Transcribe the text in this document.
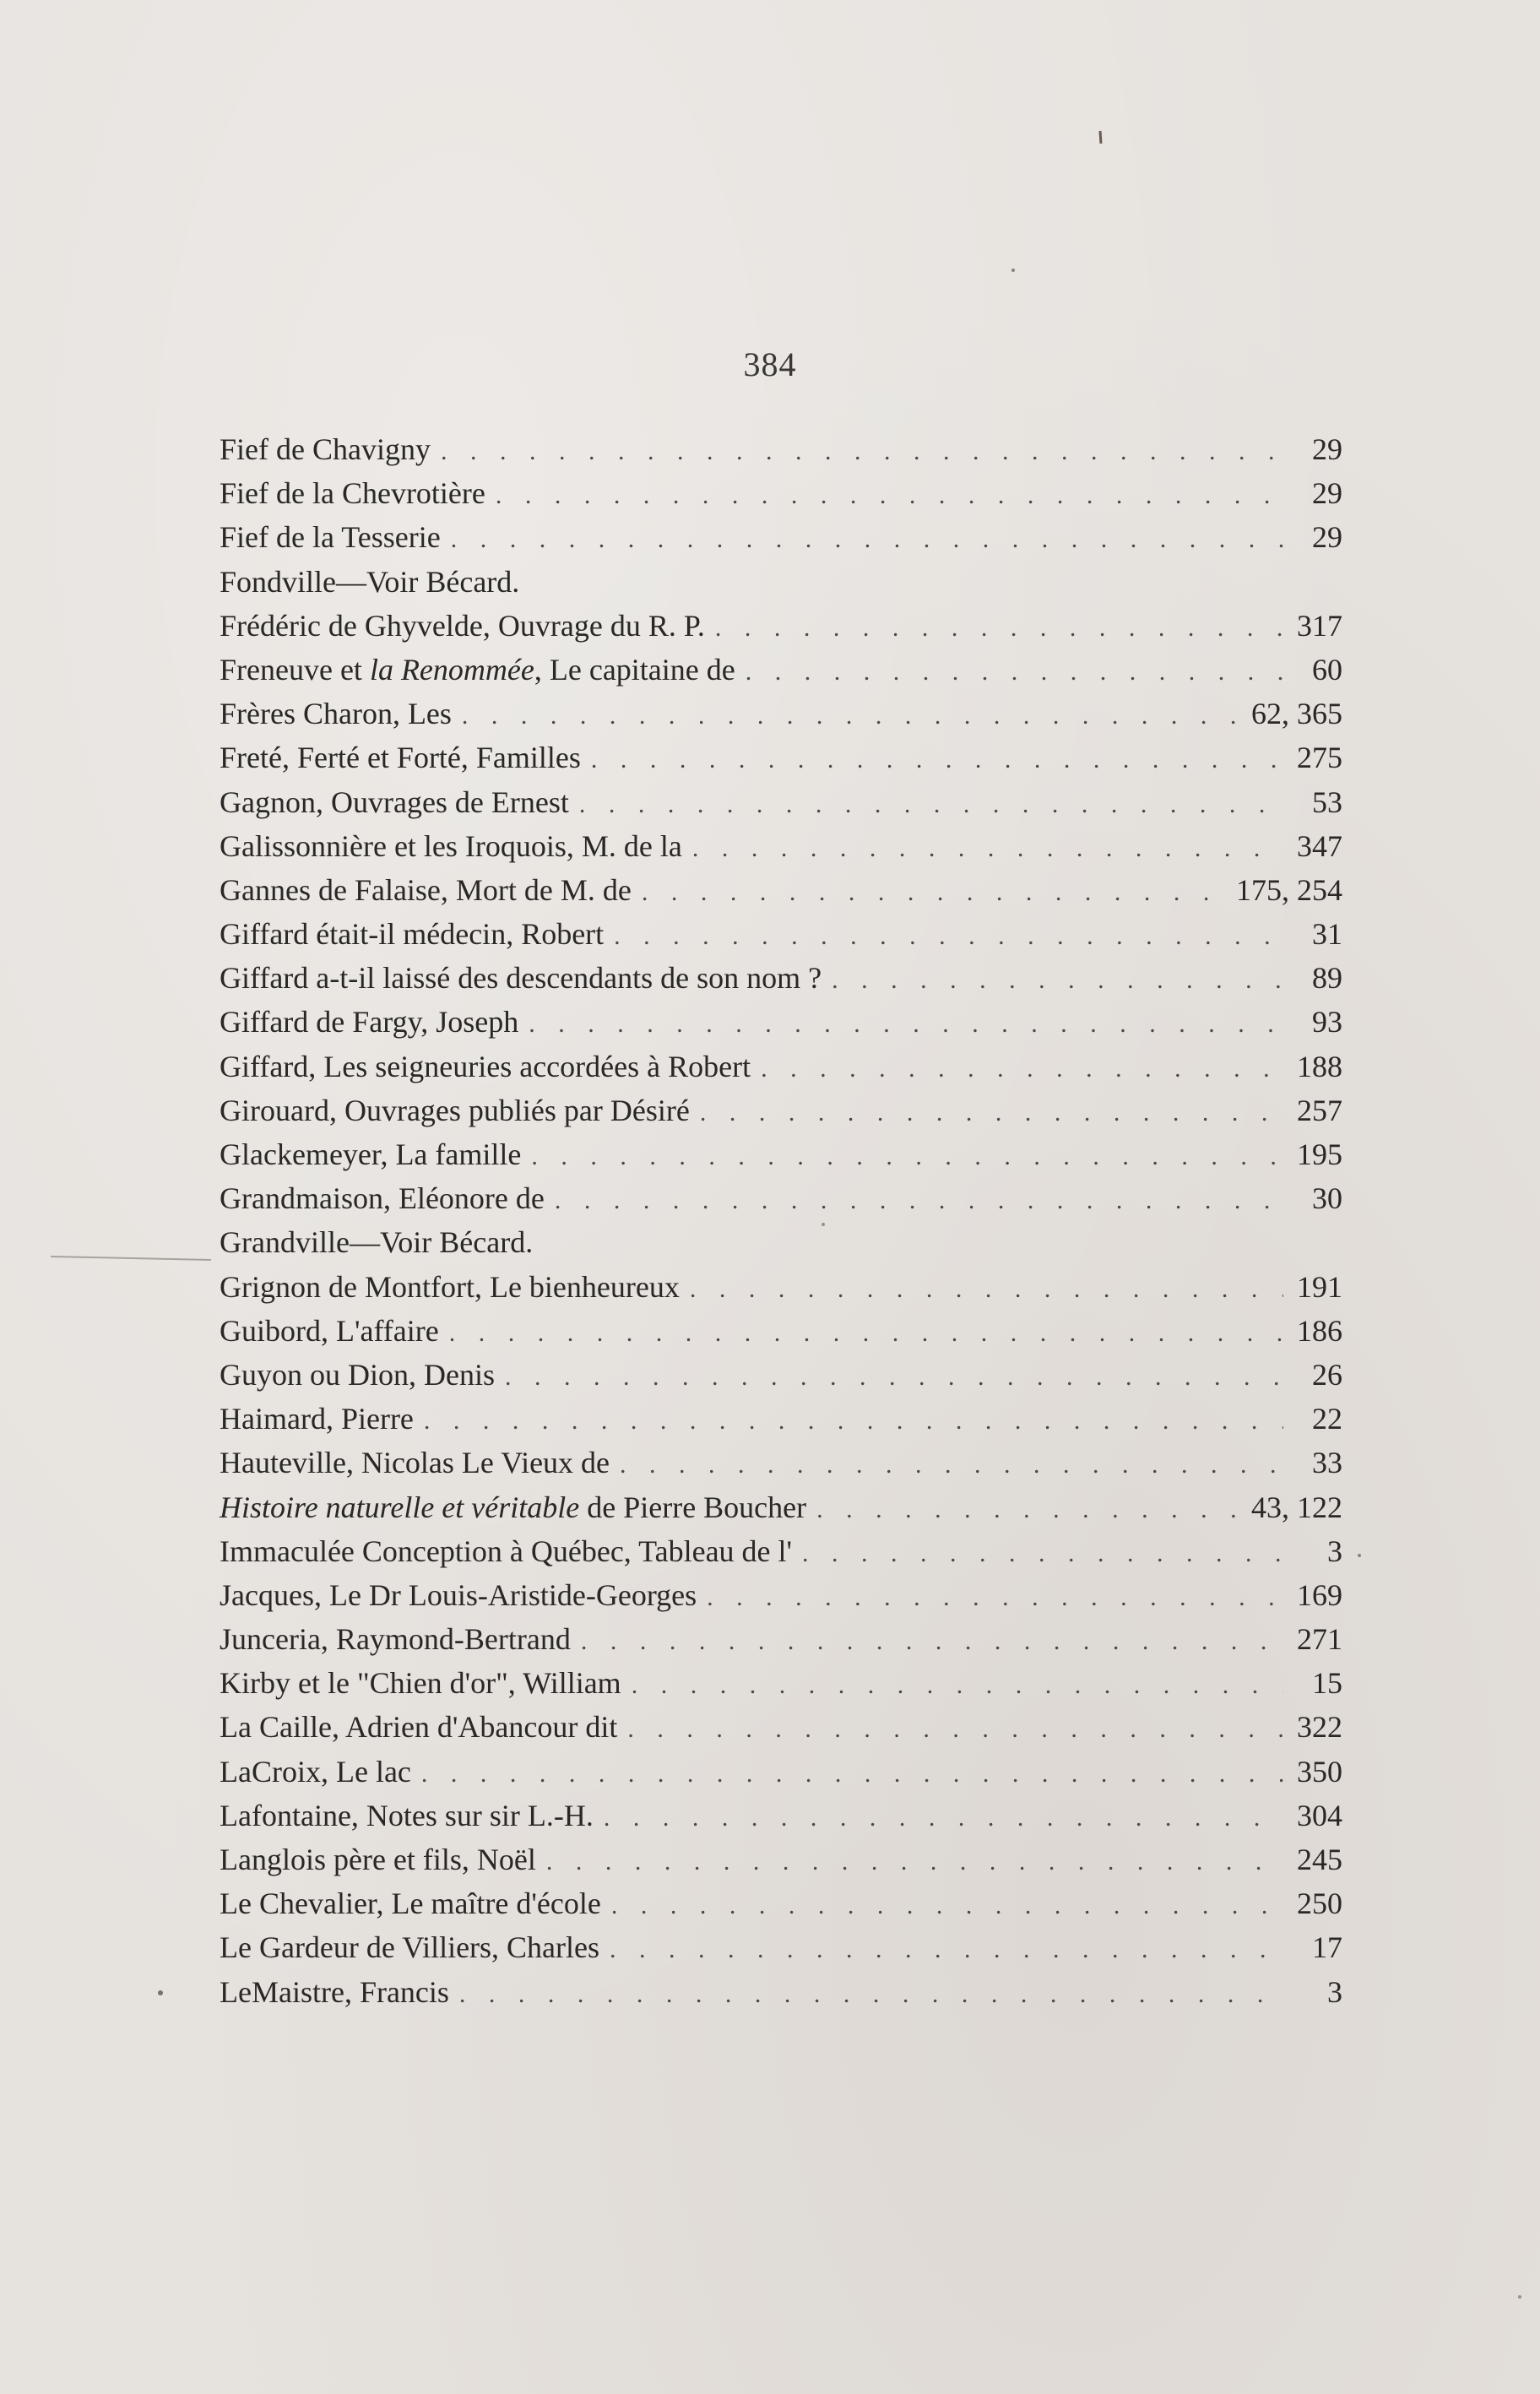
384
Fief de Chavigny . . .	29
Fief de la Chevrotière . . .	29
Fief de la Tesserie . . .	29
Fondville—Voir Bécard.
Frédéric de Ghyvelde, Ouvrage du R. P. . . .	317
Freneuve et la Renommée, Le capitaine de . . .	60
Frères Charon, Les . . .	62, 365
Freté, Ferté et Forté, Familles . . .	275
Gagnon, Ouvrages de Ernest . . .	53
Galissonnière et les Iroquois, M. de la . . .	347
Gannes de Falaise, Mort de M. de . . .	175, 254
Giffard était-il médecin, Robert . . .	31
Giffard a-t-il laissé des descendants de son nom ? . . .	89
Giffard de Fargy, Joseph . . .	93
Giffard, Les seigneuries accordées à Robert . . .	188
Girouard, Ouvrages publiés par Désiré . . .	257
Glackemeyer, La famille . . .	195
Grandmaison, Eléonore de . . .	30
Grandville—Voir Bécard.
Grignon de Montfort, Le bienheureux . . .	191
Guibord, L'affaire . . .	186
Guyon ou Dion, Denis . . .	26
Haimard, Pierre . . .	22
Hauteville, Nicolas Le Vieux de . . .	33
Histoire naturelle et véritable de Pierre Boucher . . .	43, 122
Immaculée Conception à Québec, Tableau de l' . . .	3
Jacques, Le Dr Louis-Aristide-Georges . . .	169
Junceria, Raymond-Bertrand . . .	271
Kirby et le "Chien d'or", William . . .	15
La Caille, Adrien d'Abancour dit . . .	322
LaCroix, Le lac . . .	350
Lafontaine, Notes sur sir L.-H. . . .	304
Langlois père et fils, Noël . . .	245
Le Chevalier, Le maître d'école . . .	250
Le Gardeur de Villiers, Charles . . .	17
LeMaistre, Francis . . .	3
